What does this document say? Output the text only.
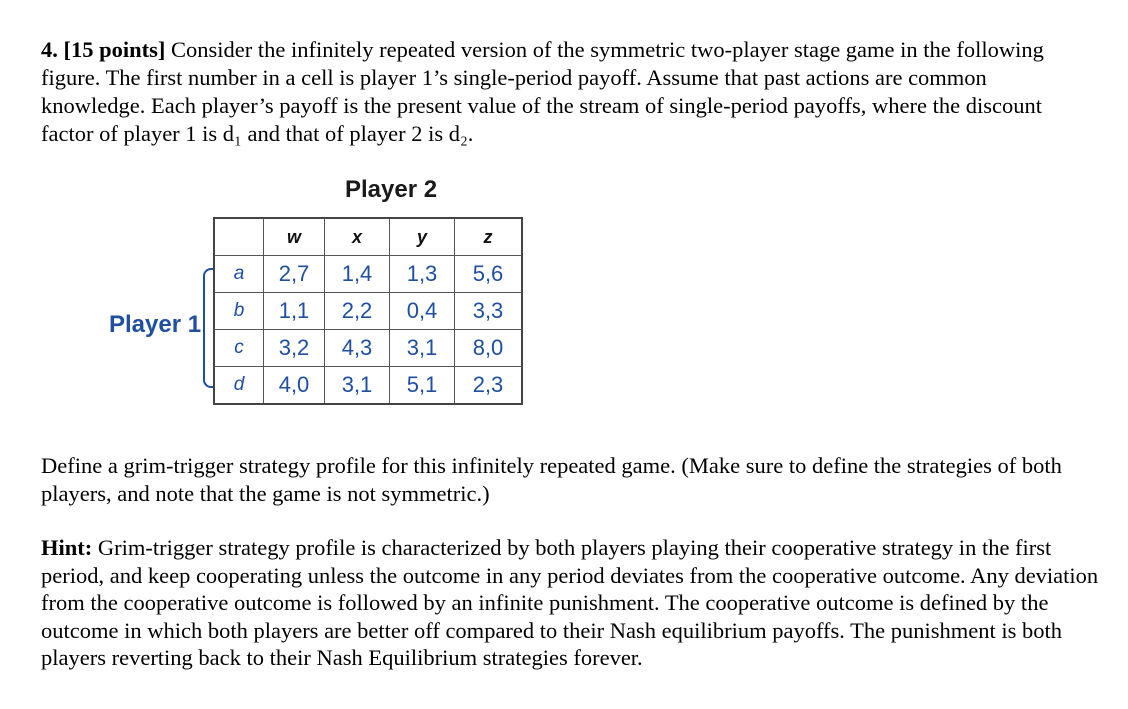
4. [15 points] Consider the infinitely repeated version of the symmetric two-player stage game in the following figure. The first number in a cell is player 1’s single-period payoff. Assume that past actions are common knowledge. Each player’s payoff is the present value of the stream of single-period payoffs, where the discount factor of player 1 is d₁ and that of player 2 is d₂.
Player 2
Player 1
	w	x	y	z
a	2,7	1,4	1,3	5,6
b	1,1	2,2	0,4	3,3
c	3,2	4,3	3,1	8,0
d	4,0	3,1	5,1	2,3
Define a grim-trigger strategy profile for this infinitely repeated game. (Make sure to define the strategies of both players, and note that the game is not symmetric.)
Hint: Grim-trigger strategy profile is characterized by both players playing their cooperative strategy in the first period, and keep cooperating unless the outcome in any period deviates from the cooperative outcome. Any deviation from the cooperative outcome is followed by an infinite punishment. The cooperative outcome is defined by the outcome in which both players are better off compared to their Nash equilibrium payoffs. The punishment is both players reverting back to their Nash Equilibrium strategies forever.
